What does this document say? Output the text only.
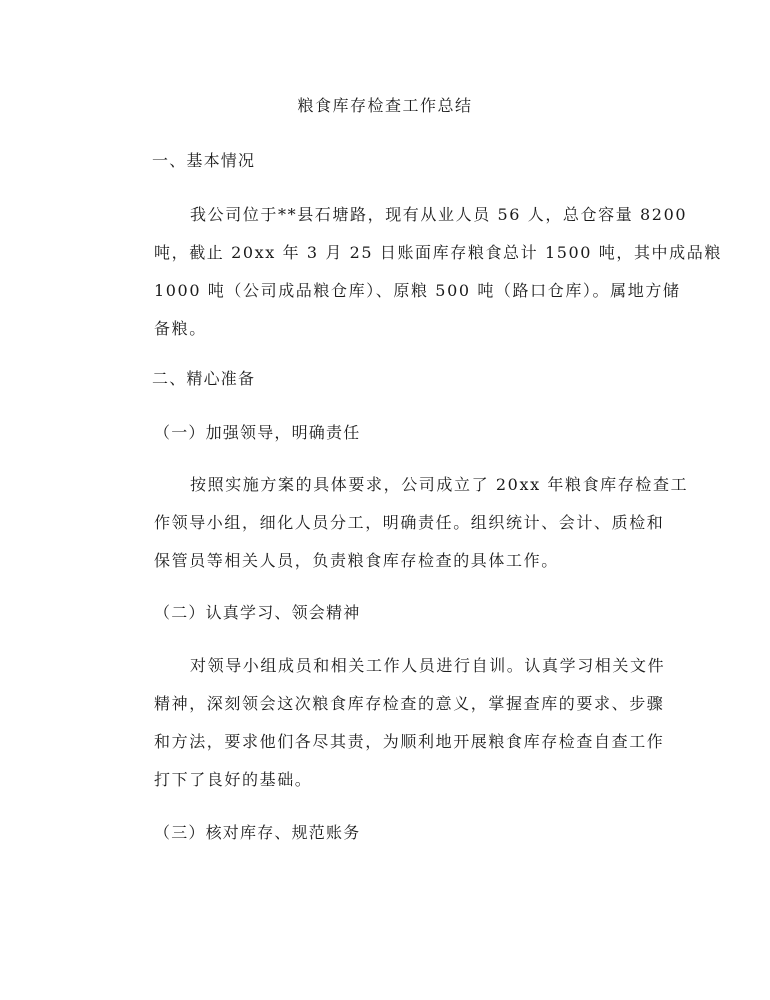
粮食库存检查工作总结
一、基本情况
我公司位于**县石塘路，现有从业人员 56 人，总仓容量 8200
吨，截止 20xx 年 3 月 25 日账面库存粮食总计 1500 吨，其中成品粮
1000 吨（公司成品粮仓库）、原粮 500 吨（路口仓库）。属地方储
备粮。
二、精心准备
（一）加强领导，明确责任
按照实施方案的具体要求，公司成立了 20xx 年粮食库存检查工
作领导小组，细化人员分工，明确责任。组织统计、会计、质检和
保管员等相关人员，负责粮食库存检查的具体工作。
（二）认真学习、领会精神
对领导小组成员和相关工作人员进行自训。认真学习相关文件
精神，深刻领会这次粮食库存检查的意义，掌握查库的要求、步骤
和方法，要求他们各尽其责，为顺利地开展粮食库存检查自查工作
打下了良好的基础。
（三）核对库存、规范账务
